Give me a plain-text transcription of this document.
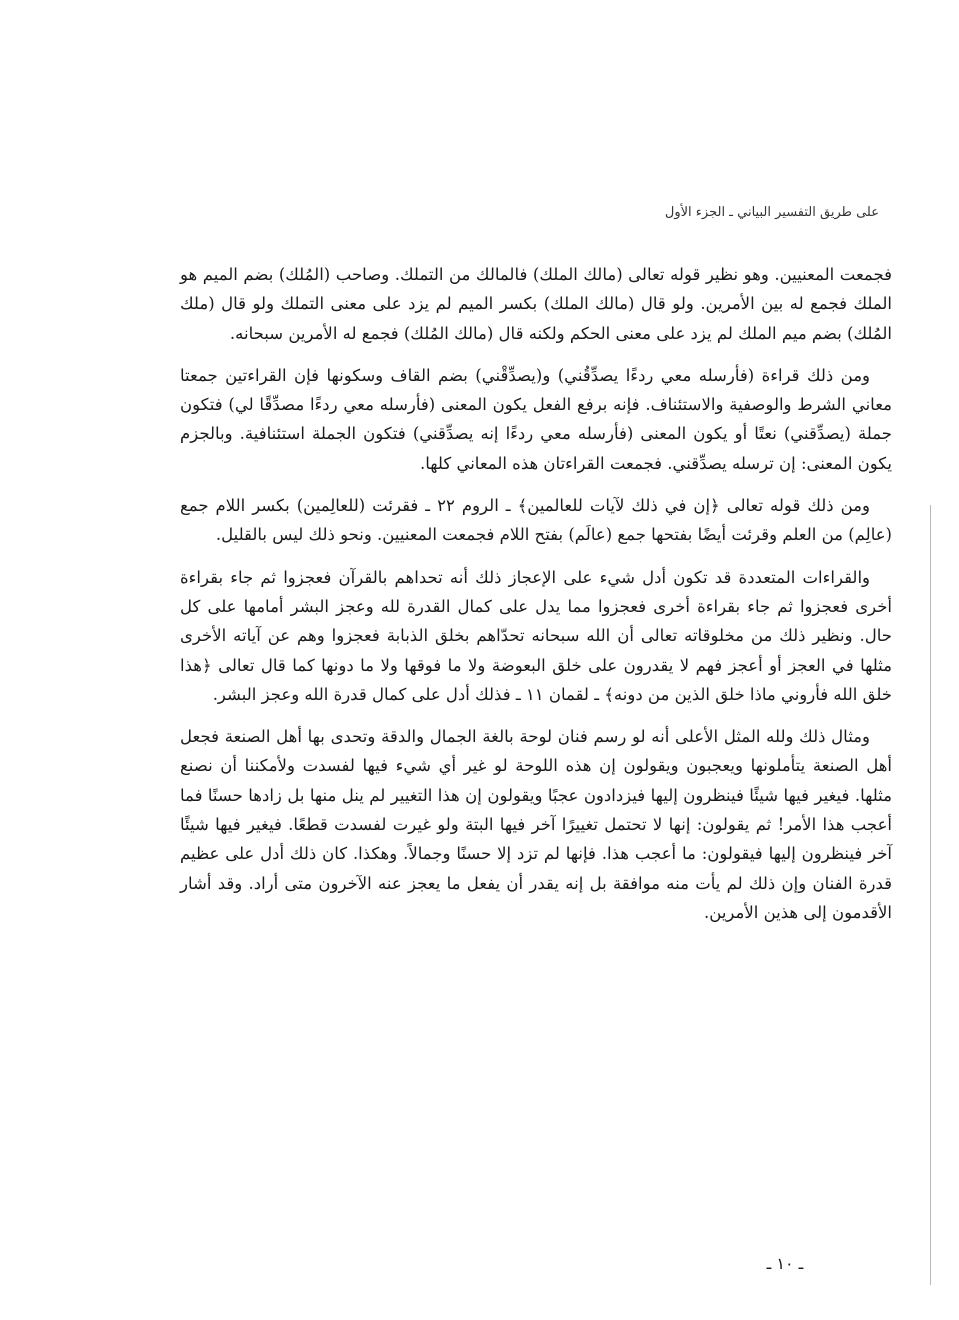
على طريق التفسير البياني ـ الجزء الأول

فجمعت المعنيين. وهو نظير قوله تعالى (مالك الملك) فالمالك من التملك. وصاحب (المُلك) بضم الميم هو الملك فجمع له بين الأمرين. ولو قال (مالك الملك) بكسر الميم لم يزد على معنى التملك ولو قال (ملك المُلك) بضم ميم الملك لم يزد على معنى الحكم ولكنه قال (مالك المُلك) فجمع له الأمرين سبحانه.

ومن ذلك قراءة (فأرسله معي ردءًا يصدِّقُني) و(يصدِّقْني) بضم القاف وسكونها فإن القراءتين جمعتا معاني الشرط والوصفية والاستئناف. فإنه برفع الفعل يكون المعنى (فأرسله معي ردءًا مصدِّقًا لي) فتكون جملة (يصدِّقني) نعتًا أو يكون المعنى (فأرسله معي ردءًا إنه يصدِّقني) فتكون الجملة استئنافية. وبالجزم يكون المعنى: إن ترسله يصدِّقني. فجمعت القراءتان هذه المعاني كلها.

ومن ذلك قوله تعالى ﴿إن في ذلك لآيات للعالمين﴾ ـ الروم ٢٢ ـ فقرئت (للعالِمين) بكسر اللام جمع (عالِم) من العلم وقرئت أيضًا بفتحها جمع (عالَم) بفتح اللام فجمعت المعنيين. ونحو ذلك ليس بالقليل.

والقراءات المتعددة قد تكون أدل شيء على الإعجاز ذلك أنه تحداهم بالقرآن فعجزوا ثم جاء بقراءة أخرى فعجزوا ثم جاء بقراءة أخرى فعجزوا مما يدل على كمال القدرة لله وعجز البشر أمامها على كل حال. ونظير ذلك من مخلوقاته تعالى أن الله سبحانه تحدّاهم بخلق الذبابة فعجزوا وهم عن آياته الأخرى مثلها في العجز أو أعجز فهم لا يقدرون على خلق البعوضة ولا ما فوقها ولا ما دونها كما قال تعالى ﴿هذا خلق الله فأروني ماذا خلق الذين من دونه﴾ ـ لقمان ١١ ـ فذلك أدل على كمال قدرة الله وعجز البشر.

ومثال ذلك ولله المثل الأعلى أنه لو رسم فنان لوحة بالغة الجمال والدقة وتحدى بها أهل الصنعة فجعل أهل الصنعة يتأملونها ويعجبون ويقولون إن هذه اللوحة لو غير أي شيء فيها لفسدت ولأمكننا أن نصنع مثلها. فيغير فيها شيئًا فينظرون إليها فيزدادون عجبًا ويقولون إن هذا التغيير لم ينل منها بل زادها حسنًا فما أعجب هذا الأمر! ثم يقولون: إنها لا تحتمل تغييرًا آخر فيها البتة ولو غيرت لفسدت قطعًا. فيغير فيها شيئًا آخر فينظرون إليها فيقولون: ما أعجب هذا. فإنها لم تزد إلا حسنًا وجمالاً. وهكذا. كان ذلك أدل على عظيم قدرة الفنان وإن ذلك لم يأت منه موافقة بل إنه يقدر أن يفعل ما يعجز عنه الآخرون متى أراد. وقد أشار الأقدمون إلى هذين الأمرين.

ـ ١٠ ـ
